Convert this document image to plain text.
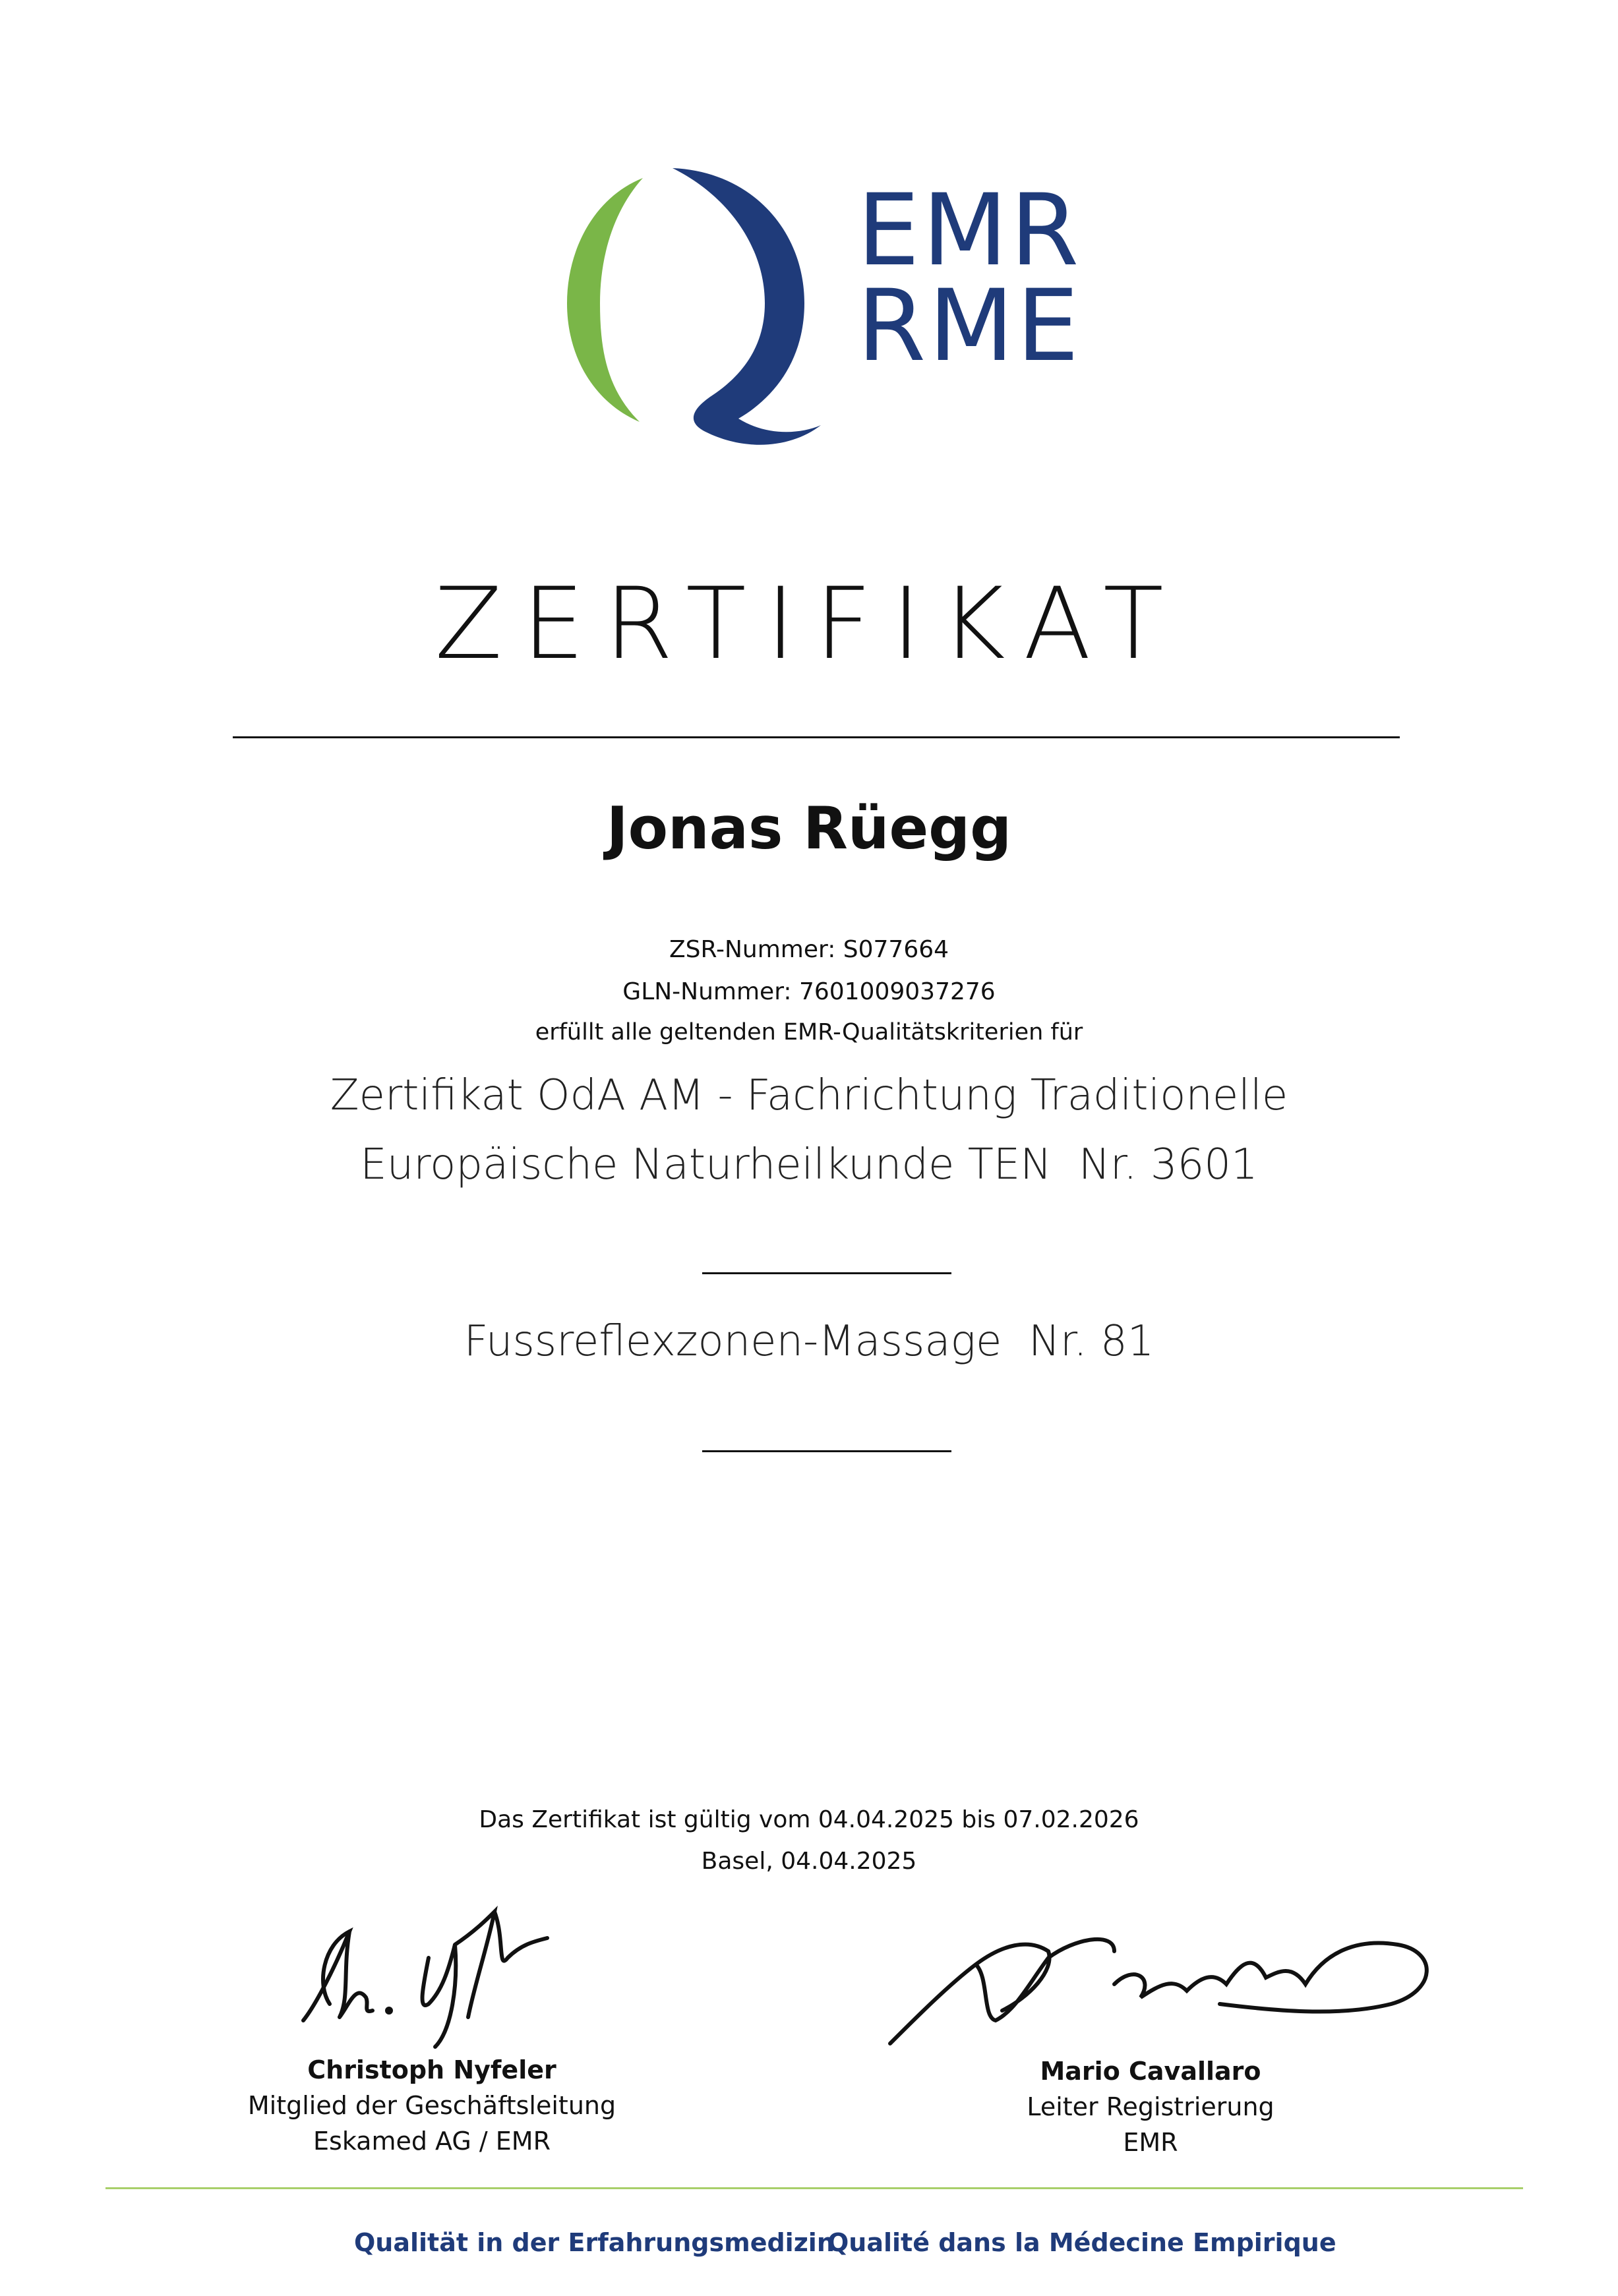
EMR
RME
ZERTIFIKAT
Jonas Rüegg
ZSR-Nummer: S077664
GLN-Nummer: 7601009037276
erfüllt alle geltenden EMR-Qualitätskriterien für
Zertifikat OdA AM - Fachrichtung Traditionelle
Europäische Naturheilkunde TEN  Nr. 3601
Fussreflexzonen-Massage  Nr. 81
Das Zertifikat ist gültig vom 04.04.2025 bis 07.02.2026
Basel, 04.04.2025
Christoph Nyfeler
Mitglied der Geschäftsleitung
Eskamed AG / EMR
Mario Cavallaro
Leiter Registrierung
EMR
Qualität in der Erfahrungsmedizin
Qualité dans la Médecine Empirique
